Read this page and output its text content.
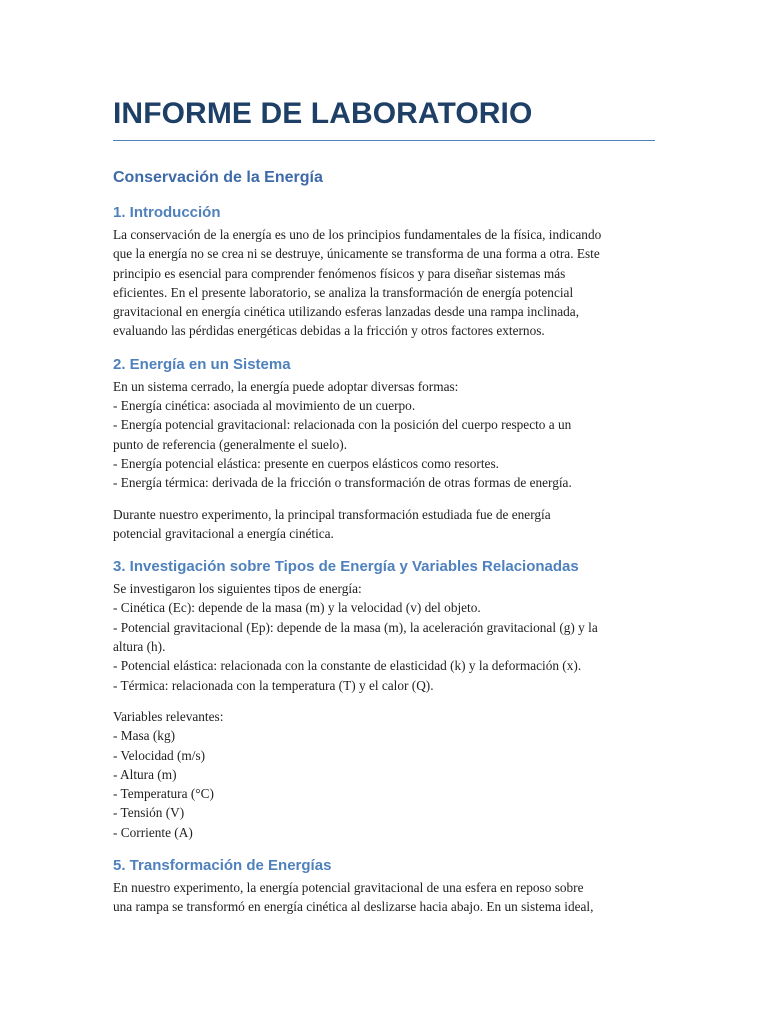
INFORME DE LABORATORIO
Conservación de la Energía
1. Introducción

La conservación de la energía es uno de los principios fundamentales de la física, indicando
que la energía no se crea ni se destruye, únicamente se transforma de una forma a otra. Este
principio es esencial para comprender fenómenos físicos y para diseñar sistemas más
eficientes. En el presente laboratorio, se analiza la transformación de energía potencial
gravitacional en energía cinética utilizando esferas lanzadas desde una rampa inclinada,
evaluando las pérdidas energéticas debidas a la fricción y otros factores externos.

2. Energía en un Sistema

En un sistema cerrado, la energía puede adoptar diversas formas:
- Energía cinética: asociada al movimiento de un cuerpo.
- Energía potencial gravitacional: relacionada con la posición del cuerpo respecto a un
punto de referencia (generalmente el suelo).
- Energía potencial elástica: presente en cuerpos elásticos como resortes.
- Energía térmica: derivada de la fricción o transformación de otras formas de energía.

Durante nuestro experimento, la principal transformación estudiada fue de energía
potencial gravitacional a energía cinética.

3. Investigación sobre Tipos de Energía y Variables Relacionadas

Se investigaron los siguientes tipos de energía:
- Cinética (Ec): depende de la masa (m) y la velocidad (v) del objeto.
- Potencial gravitacional (Ep): depende de la masa (m), la aceleración gravitacional (g) y la
altura (h).
- Potencial elástica: relacionada con la constante de elasticidad (k) y la deformación (x).
- Térmica: relacionada con la temperatura (T) y el calor (Q).

Variables relevantes:
- Masa (kg)
- Velocidad (m/s)
- Altura (m)
- Temperatura (°C)
- Tensión (V)
- Corriente (A)

5. Transformación de Energías

En nuestro experimento, la energía potencial gravitacional de una esfera en reposo sobre
una rampa se transformó en energía cinética al deslizarse hacia abajo. En un sistema ideal,
